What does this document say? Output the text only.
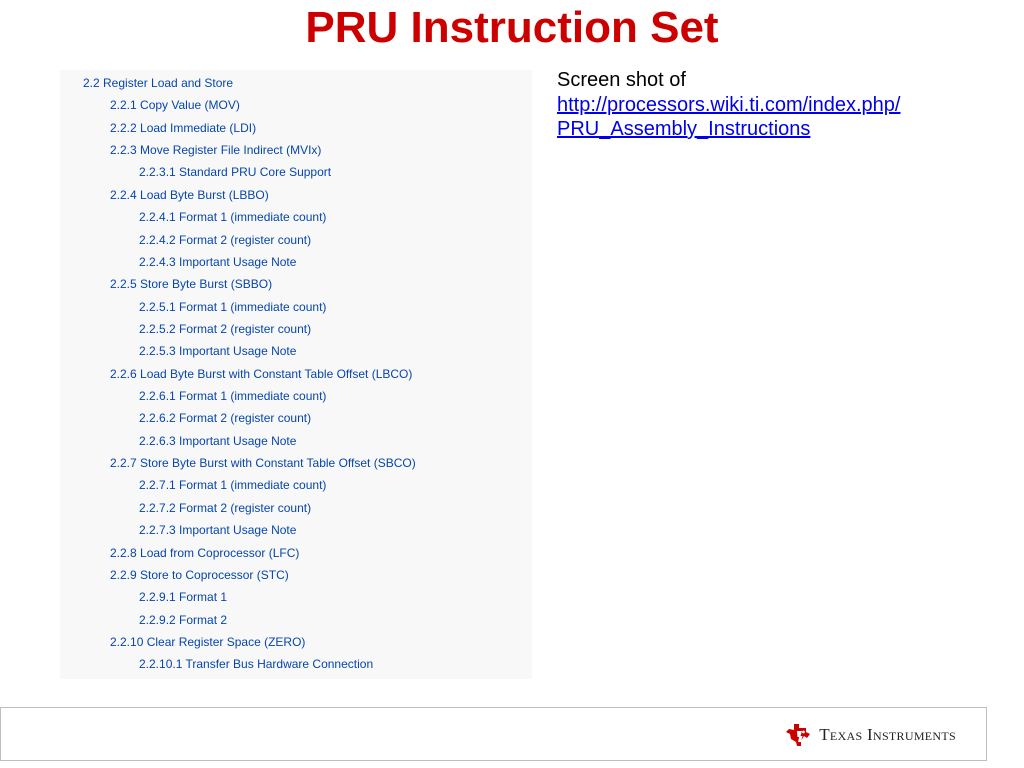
PRU Instruction Set
2.2 Register Load and Store
2.2.1 Copy Value (MOV)
2.2.2 Load Immediate (LDI)
2.2.3 Move Register File Indirect (MVIx)
2.2.3.1 Standard PRU Core Support
2.2.4 Load Byte Burst (LBBO)
2.2.4.1 Format 1 (immediate count)
2.2.4.2 Format 2 (register count)
2.2.4.3 Important Usage Note
2.2.5 Store Byte Burst (SBBO)
2.2.5.1 Format 1 (immediate count)
2.2.5.2 Format 2 (register count)
2.2.5.3 Important Usage Note
2.2.6 Load Byte Burst with Constant Table Offset (LBCO)
2.2.6.1 Format 1 (immediate count)
2.2.6.2 Format 2 (register count)
2.2.6.3 Important Usage Note
2.2.7 Store Byte Burst with Constant Table Offset (SBCO)
2.2.7.1 Format 1 (immediate count)
2.2.7.2 Format 2 (register count)
2.2.7.3 Important Usage Note
2.2.8 Load from Coprocessor (LFC)
2.2.9 Store to Coprocessor (STC)
2.2.9.1 Format 1
2.2.9.2 Format 2
2.2.10 Clear Register Space (ZERO)
2.2.10.1 Transfer Bus Hardware Connection
Screen shot of
http://processors.wiki.ti.com/index.php/
PRU_Assembly_Instructions
Texas Instruments
